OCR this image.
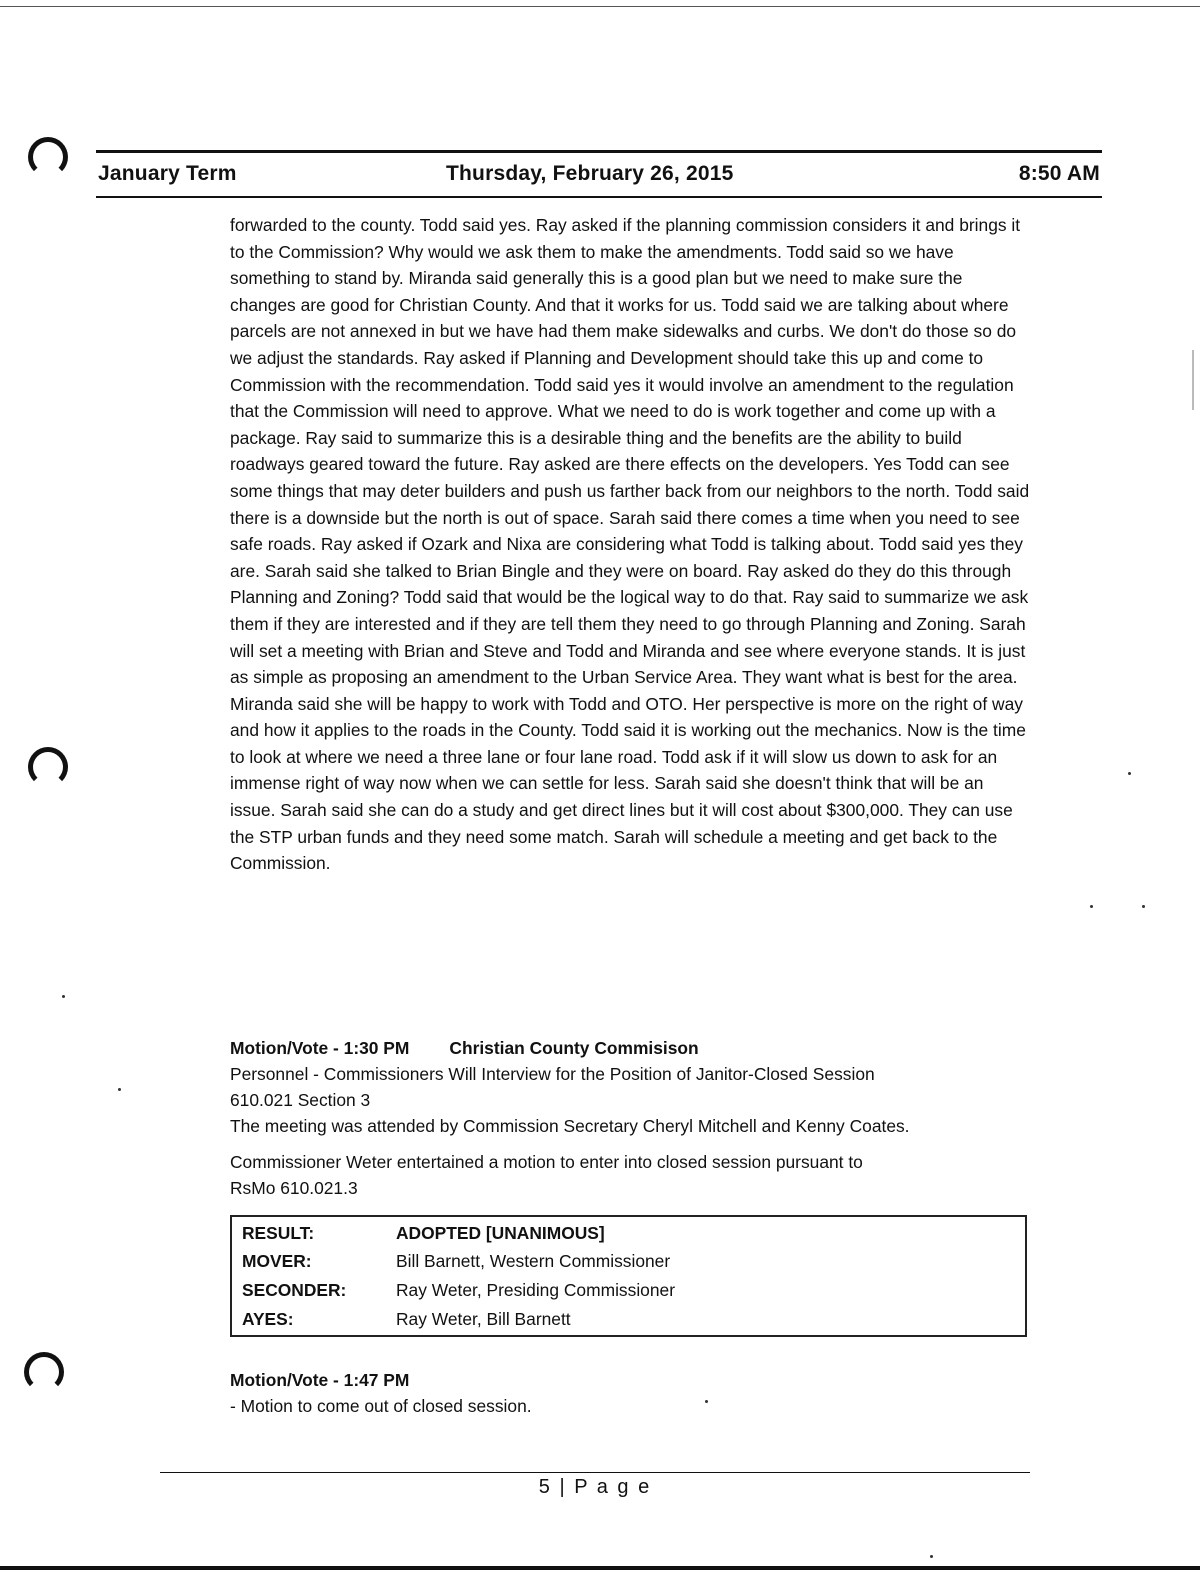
January Term	Thursday, February 26, 2015	8:50 AM

forwarded to the county. Todd said yes. Ray asked if the planning commission considers it and brings it to the Commission? Why would we ask them to make the amendments. Todd said so we have something to stand by. Miranda said generally this is a good plan but we need to make sure the changes are good for Christian County. And that it works for us. Todd said we are talking about where parcels are not annexed in but we have had them make sidewalks and curbs. We don't do those so do we adjust the standards. Ray asked if Planning and Development should take this up and come to Commission with the recommendation. Todd said yes it would involve an amendment to the regulation that the Commission will need to approve. What we need to do is work together and come up with a package. Ray said to summarize this is a desirable thing and the benefits are the ability to build roadways geared toward the future. Ray asked are there effects on the developers. Yes Todd can see some things that may deter builders and push us farther back from our neighbors to the north. Todd said there is a downside but the north is out of space. Sarah said there comes a time when you need to see safe roads. Ray asked if Ozark and Nixa are considering what Todd is talking about. Todd said yes they are. Sarah said she talked to Brian Bingle and they were on board. Ray asked do they do this through Planning and Zoning? Todd said that would be the logical way to do that. Ray said to summarize we ask them if they are interested and if they are tell them they need to go through Planning and Zoning. Sarah will set a meeting with Brian and Steve and Todd and Miranda and see where everyone stands. It is just as simple as proposing an amendment to the Urban Service Area. They want what is best for the area. Miranda said she will be happy to work with Todd and OTO. Her perspective is more on the right of way and how it applies to the roads in the County. Todd said it is working out the mechanics. Now is the time to look at where we need a three lane or four lane road. Todd ask if it will slow us down to ask for an immense right of way now when we can settle for less. Sarah said she doesn't think that will be an issue. Sarah said she can do a study and get direct lines but it will cost about $300,000. They can use the STP urban funds and they need some match. Sarah will schedule a meeting and get back to the Commission.

Motion/Vote - 1:30 PM Christian County Commisison

Personnel - Commissioners Will Interview for the Position of Janitor-Closed Session

610.021 Section 3

The meeting was attended by Commission Secretary Cheryl Mitchell and Kenny Coates.

Commissioner Weter entertained a motion to enter into closed session pursuant to

RsMo 610.021.3

RESULT:	ADOPTED [UNANIMOUS]
MOVER:	Bill Barnett, Western Commissioner
SECONDER:	Ray Weter, Presiding Commissioner
AYES:	Ray Weter, Bill Barnett

Motion/Vote - 1:47 PM

- Motion to come out of closed session.

5 | P a g e
